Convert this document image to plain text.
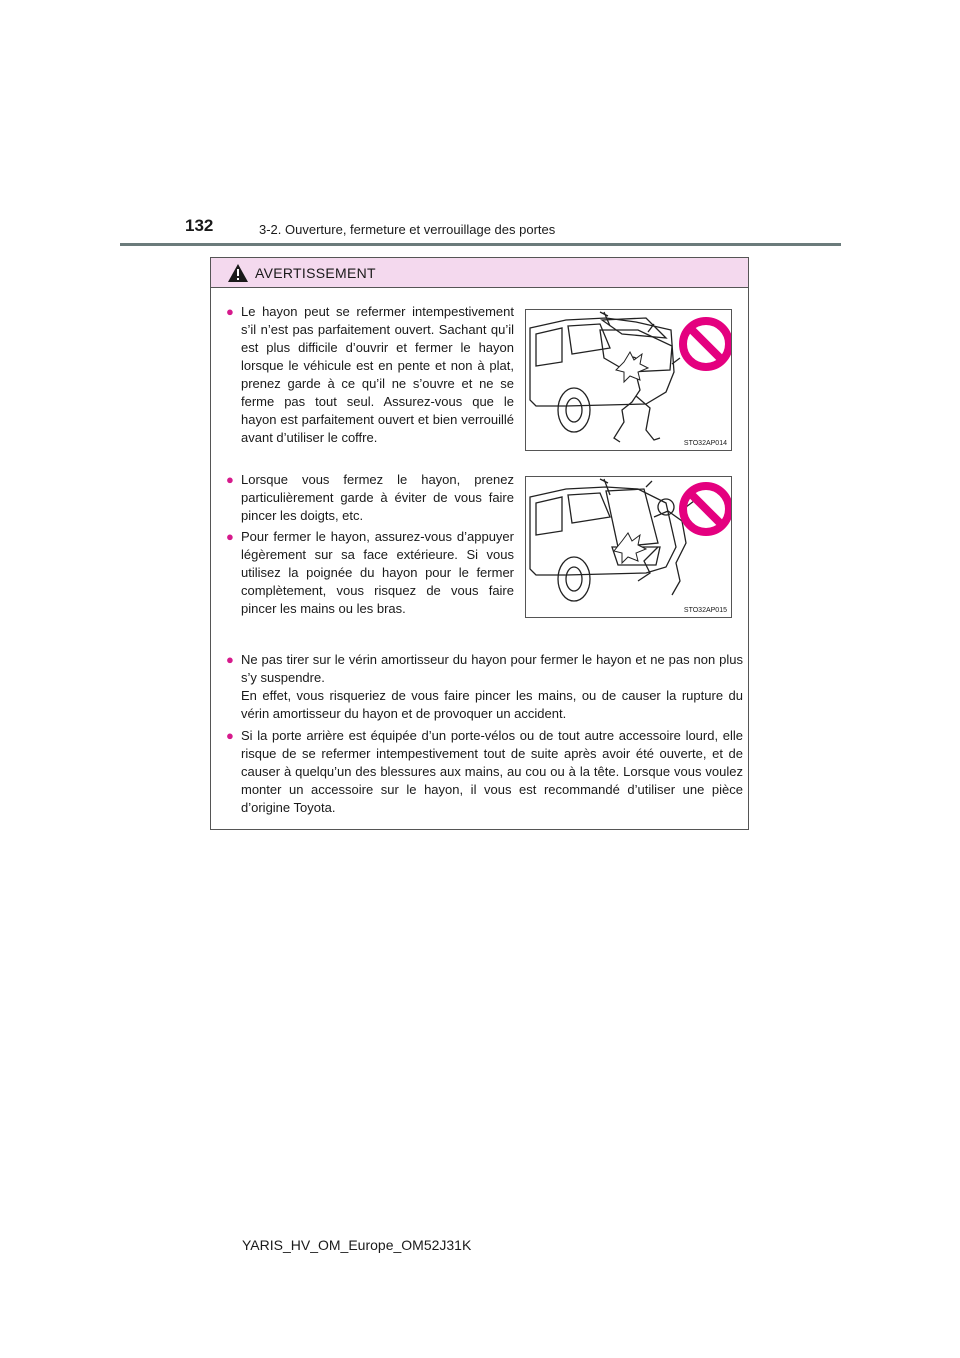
132	3-2. Ouverture, fermeture et verrouillage des portes
AVERTISSEMENT
● Le hayon peut se refermer intempestivement s’il n’est pas parfaitement ouvert. Sachant qu’il est plus difficile d’ouvrir et fermer le hayon lorsque le véhicule est en pente et non à plat, prenez garde à ce qu’il ne s’ouvre et ne se ferme pas tout seul. Assurez-vous que le hayon est parfaitement ouvert et bien verrouillé avant d’utiliser le coffre.	STO32AP014
● Lorsque vous fermez le hayon, prenez particulièrement garde à éviter de vous faire pincer les doigts, etc.
STO32AP015
● Pour fermer le hayon, assurez-vous d’appuyer légèrement sur sa face extérieure. Si vous utilisez la poignée du hayon pour le fermer complètement, vous risquez de vous faire pincer les mains ou les bras.
● Ne pas tirer sur le vérin amortisseur du hayon pour fermer le hayon et ne pas non plus s’y suspendre.
En effet, vous risqueriez de vous faire pincer les mains, ou de causer la rupture du vérin amortisseur du hayon et de provoquer un accident.
● Si la porte arrière est équipée d’un porte-vélos ou de tout autre accessoire lourd, elle risque de se refermer intempestivement tout de suite après avoir été ouverte, et de causer à quelqu’un des blessures aux mains, au cou ou à la tête. Lorsque vous voulez monter un accessoire sur le hayon, il vous est recommandé d’utiliser une pièce d’origine Toyota.
YARIS_HV_OM_Europe_OM52J31K
